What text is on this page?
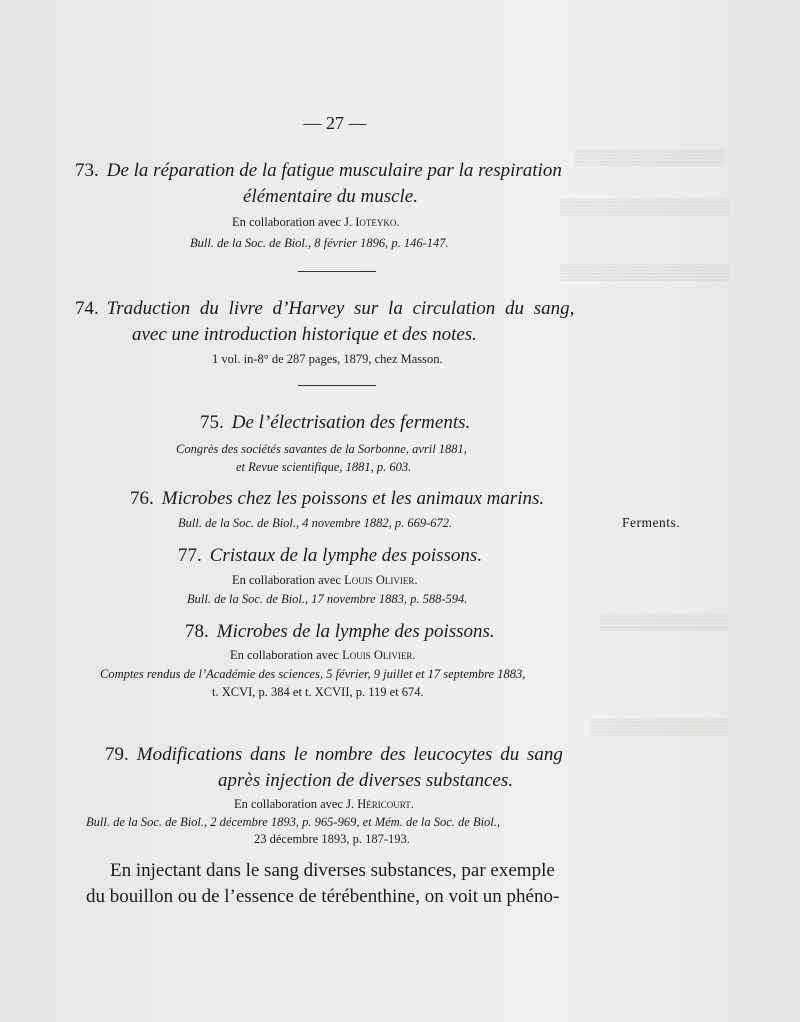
▒▒▒▒▒▒▒▒▒▒▒▒▒▒
▒▒▒▒▒▒▒▒▒▒▒▒▒▒▒▒
▒▒▒▒▒▒▒▒▒▒▒▒▒▒▒▒
▒▒▒▒▒▒▒▒▒▒▒▒
▒▒▒▒▒▒▒▒▒▒▒▒▒
— 27 —
73. De la réparation de la fatigue musculaire par la respiration
élémentaire du muscle.
En collaboration avec J. Ioteyko.
Bull. de la Soc. de Biol., 8 février 1896, p. 146-147.
74. Traduction du livre d’Harvey sur la circulation du sang,
avec une introduction historique et des notes.
1 vol. in-8° de 287 pages, 1879, chez Masson.
75. De l’électrisation des ferments.
Congrès des sociétés savantes de la Sorbonne, avril 1881,
et Revue scientifique, 1881, p. 603.
76. Microbes chez les poissons et les animaux marins.
Bull. de la Soc. de Biol., 4 novembre 1882, p. 669-672.	Ferments.
77. Cristaux de la lymphe des poissons.
En collaboration avec Louis Olivier.
Bull. de la Soc. de Biol., 17 novembre 1883, p. 588-594.
78. Microbes de la lymphe des poissons.
En collaboration avec Louis Olivier.
Comptes rendus de l’Académie des sciences, 5 février, 9 juillet et 17 septembre 1883,
t. XCVI, p. 384 et t. XCVII, p. 119 et 674.
79. Modifications dans le nombre des leucocytes du sang
après injection de diverses substances.
En collaboration avec J. Héricourt.
Bull. de la Soc. de Biol., 2 décembre 1893, p. 965-969, et Mém. de la Soc. de Biol.,
23 décembre 1893, p. 187-193.
En injectant dans le sang diverses substances, par exemple
du bouillon ou de l’essence de térébenthine, on voit un phéno-
